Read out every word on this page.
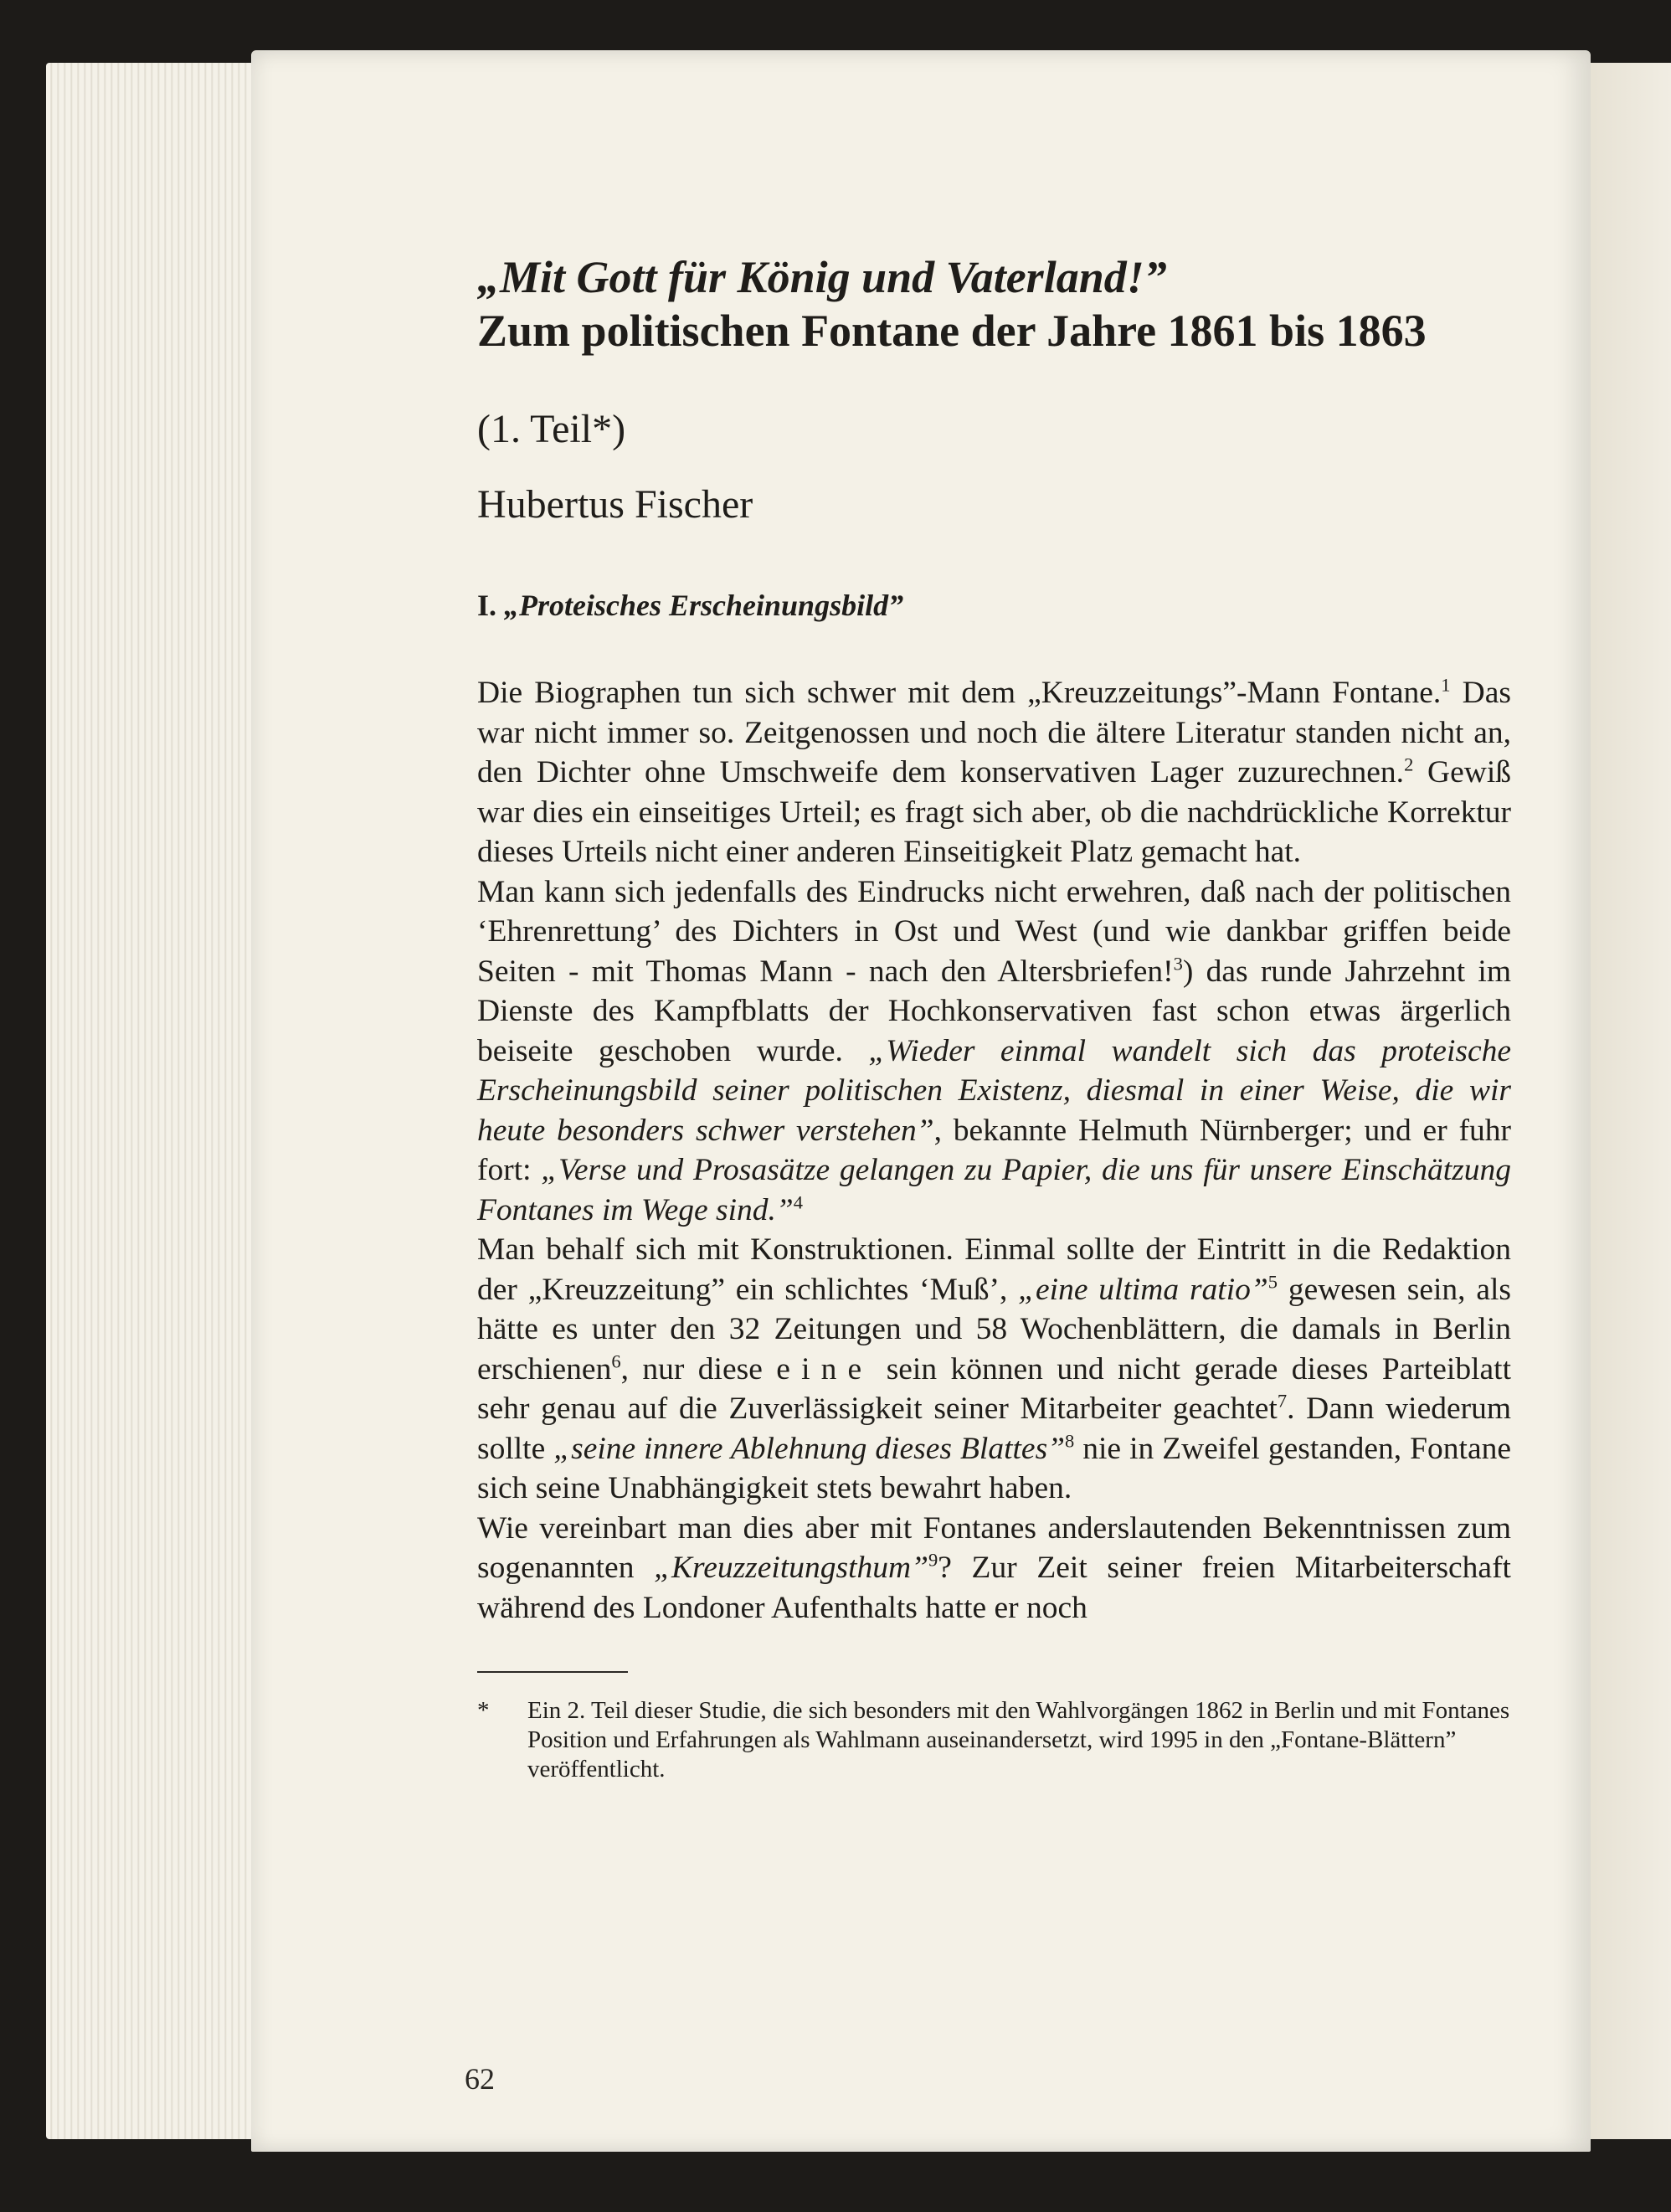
„Mit Gott für König und Vaterland!”
Zum politischen Fontane der Jahre 1861 bis 1863
(1. Teil*)
Hubertus Fischer
I. „Proteisches Erscheinungsbild”

Die Biographen tun sich schwer mit dem „Kreuzzeitungs”-Mann Fontane.$^1$ Das war nicht immer so. Zeitgenossen und noch die ältere Literatur standen nicht an, den Dichter ohne Umschweife dem konservativen Lager zuzurechnen.$^2$ Gewiß war dies ein einseitiges Urteil; es fragt sich aber, ob die nachdrückliche Korrektur dieses Urteils nicht einer anderen Einseitigkeit Platz gemacht hat.

Man kann sich jedenfalls des Eindrucks nicht erwehren, daß nach der politischen ‘Ehrenrettung’ des Dichters in Ost und West (und wie dankbar griffen beide Seiten - mit Thomas Mann - nach den Altersbriefen!$^3$) das runde Jahrzehnt im Dienste des Kampfblatts der Hochkonservativen fast schon etwas ärgerlich beiseite geschoben wurde. „Wieder einmal wandelt sich das proteische Erscheinungsbild seiner politischen Existenz, diesmal in einer Weise, die wir heute besonders schwer verstehen”, bekannte Helmuth Nürnberger; und er fuhr fort: „Verse und Prosasätze gelangen zu Papier, die uns für unsere Einschätzung Fontanes im Wege sind.”$^4$

Man behalf sich mit Konstruktionen. Einmal sollte der Eintritt in die Redaktion der „Kreuzzeitung” ein schlichtes ‘Muß’, „eine ultima ratio”$^5$ gewesen sein, als hätte es unter den 32 Zeitungen und 58 Wochenblättern, die damals in Berlin erschienen$^6$, nur diese eine sein können und nicht gerade dieses Parteiblatt sehr genau auf die Zuverlässigkeit seiner Mitarbeiter geachtet$^7$. Dann wiederum sollte „seine innere Ablehnung dieses Blattes”$^8$ nie in Zweifel gestanden, Fontane sich seine Unabhängigkeit stets bewahrt haben.

Wie vereinbart man dies aber mit Fontanes anderslautenden Bekenntnissen zum sogenannten „Kreuzzeitungsthum”$^9$? Zur Zeit seiner freien Mitarbeiterschaft während des Londoner Aufenthalts hatte er noch

*	Ein 2. Teil dieser Studie, die sich besonders mit den Wahlvorgängen 1862 in Berlin und mit Fontanes Position und Erfahrungen als Wahlmann auseinandersetzt, wird 1995 in den „Fontane-Blättern” veröffentlicht.
62
